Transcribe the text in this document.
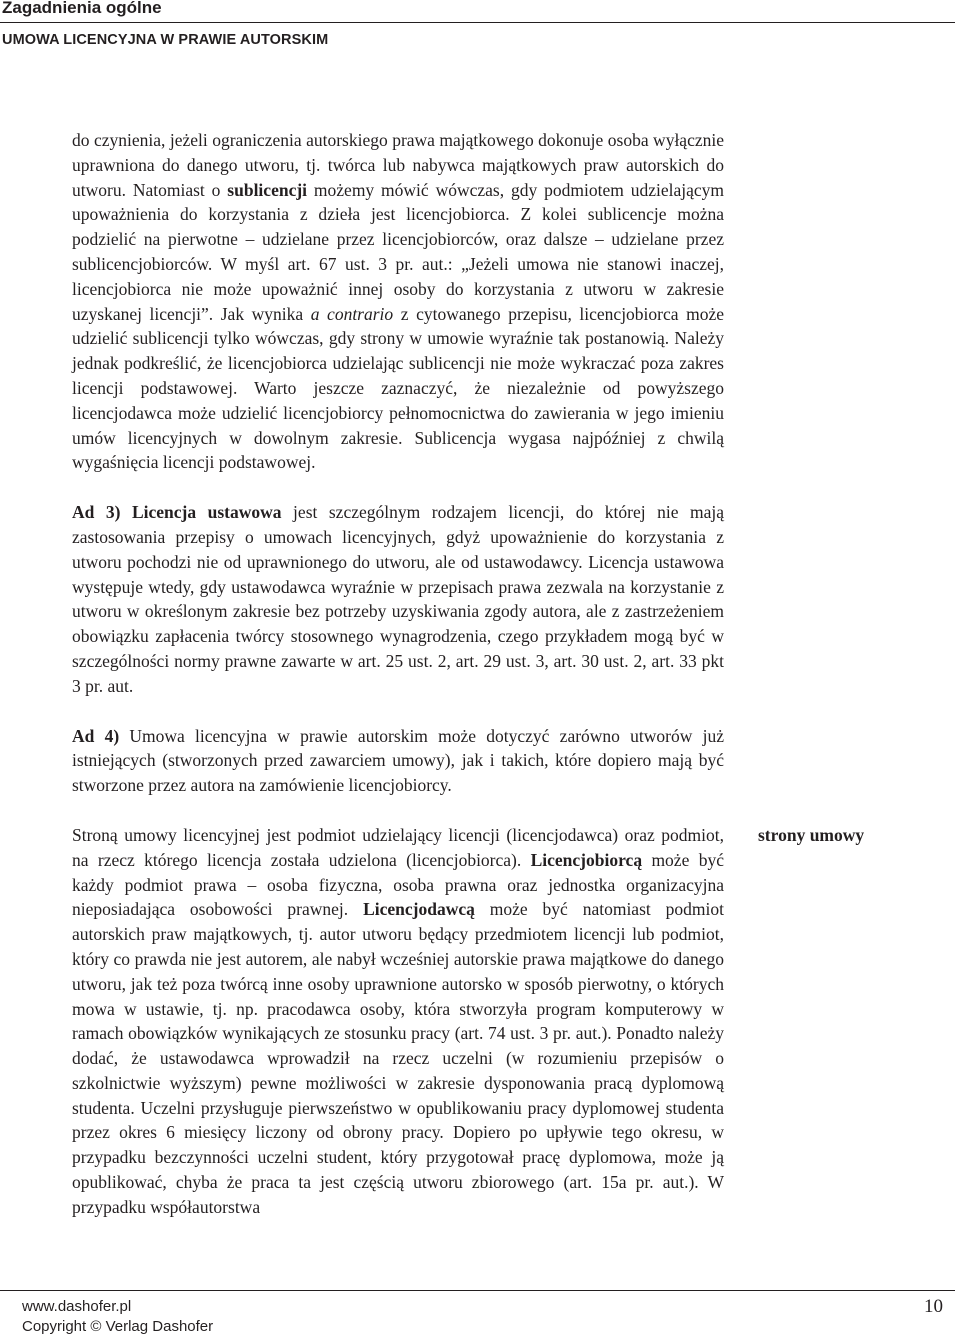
Zagadnienia ogólne
UMOWA LICENCYJNA W PRAWIE AUTORSKIM

do czynienia, jeżeli ograniczenia autorskiego prawa majątkowego dokonuje osoba wyłącznie uprawniona do danego utworu, tj. twórca lub nabywca majątkowych praw autorskich do utworu. Natomiast o sublicencji możemy mówić wówczas, gdy podmiotem udzielającym upoważnienia do korzystania z dzieła jest licencjobiorca. Z kolei sublicencje można podzielić na pierwotne – udzielane przez licencjobiorców, oraz dalsze – udzielane przez sublicencjobiorców. W myśl art. 67 ust. 3 pr. aut.: „Jeżeli umowa nie stanowi inaczej, licencjobiorca nie może upoważnić innej osoby do korzystania z utworu w zakresie uzyskanej licencji”. Jak wynika a contrario z cytowanego przepisu, licencjobiorca może udzielić sublicencji tylko wówczas, gdy strony w umowie wyraźnie tak postanowią. Należy jednak podkreślić, że licencjobiorca udzielając sublicencji nie może wykraczać poza zakres licencji podstawowej. Warto jeszcze zaznaczyć, że niezależnie od powyższego licencjodawca może udzielić licencjobiorcy pełnomocnictwa do zawierania w jego imieniu umów licencyjnych w dowolnym zakresie. Sublicencja wygasa najpóźniej z chwilą wygaśnięcia licencji podstawowej.

Ad 3) Licencja ustawowa jest szczególnym rodzajem licencji, do której nie mają zastosowania przepisy o umowach licencyjnych, gdyż upoważnienie do korzystania z utworu pochodzi nie od uprawnionego do utworu, ale od ustawodawcy. Licencja ustawowa występuje wtedy, gdy ustawodawca wyraźnie w przepisach prawa zezwala na korzystanie z utworu w określonym zakresie bez potrzeby uzyskiwania zgody autora, ale z zastrzeżeniem obowiązku zapłacenia twórcy stosownego wynagrodzenia, czego przykładem mogą być w szczególności normy prawne zawarte w art. 25 ust. 2, art. 29 ust. 3, art. 30 ust. 2, art. 33 pkt 3 pr. aut.

Ad 4) Umowa licencyjna w prawie autorskim może dotyczyć zarówno utworów już istniejących (stworzonych przed zawarciem umowy), jak i takich, które dopiero mają być stworzone przez autora na zamówienie licencjobiorcy.

Stroną umowy licencyjnej jest podmiot udzielający licencji (licencjodawca) oraz podmiot, na rzecz którego licencja została udzielona (licencjobiorca). Licencjobiorcą może być każdy podmiot prawa – osoba fizyczna, osoba prawna oraz jednostka organizacyjna nieposiadająca osobowości prawnej. Licencjodawcą może być natomiast podmiot autorskich praw majątkowych, tj. autor utworu będący przedmiotem licencji lub podmiot, który co prawda nie jest autorem, ale nabył wcześniej autorskie prawa majątkowe do danego utworu, jak też poza twórcą inne osoby uprawnione autorsko w sposób pierwotny, o których mowa w ustawie, tj. np. pracodawca osoby, która stworzyła program komputerowy w ramach obowiązków wynikających ze stosunku pracy (art. 74 ust. 3 pr. aut.). Ponadto należy dodać, że ustawodawca wprowadził na rzecz uczelni (w rozumieniu przepisów o szkolnictwie wyższym) pewne możliwości w zakresie dysponowania pracą dyplomową studenta. Uczelni przysługuje pierwszeństwo w opublikowaniu pracy dyplomowej studenta przez okres 6 miesięcy liczony od obrony pracy. Dopiero po upływie tego okresu, w przypadku bezczynności uczelni student, który przygotował pracę dyplomowa, może ją opublikować, chyba że praca ta jest częścią utworu zbiorowego (art. 15a pr. aut.). W przypadku współautorstwa

strony umowy
www.dashofer.pl
Copyright © Verlag Dashofer
10
